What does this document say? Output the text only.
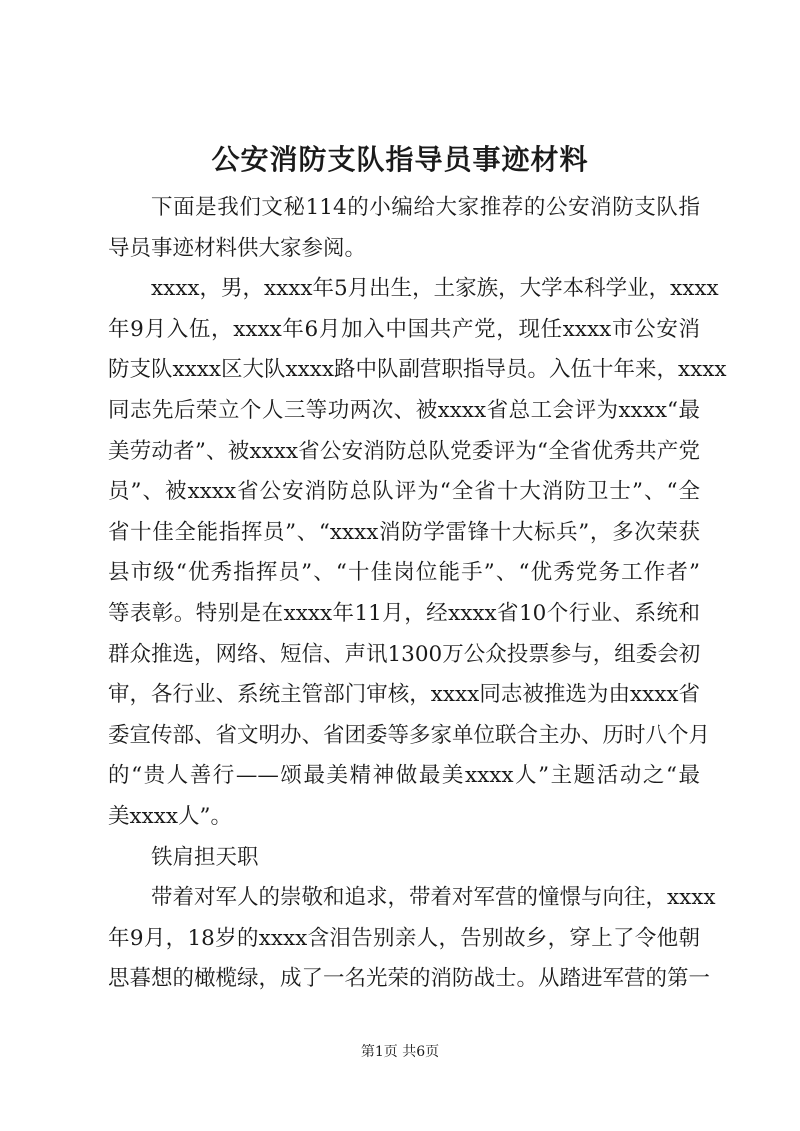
公安消防支队指导员事迹材料
下面是我们文秘114的小编给大家推荐的公安消防支队指
导员事迹材料供大家参阅。
xxxx，男，xxxx年5月出生，土家族，大学本科学业，xxxx
年9月入伍，xxxx年6月加入中国共产党，现任xxxx市公安消
防支队xxxx区大队xxxx路中队副营职指导员。入伍十年来，xxxx
同志先后荣立个人三等功两次、被xxxx省总工会评为xxxx“最
美劳动者”、被xxxx省公安消防总队党委评为“全省优秀共产党
员”、被xxxx省公安消防总队评为“全省十大消防卫士”、“全
省十佳全能指挥员”、“xxxx消防学雷锋十大标兵”，多次荣获
县市级“优秀指挥员”、“十佳岗位能手”、“优秀党务工作者”
等表彰。特别是在xxxx年11月，经xxxx省10个行业、系统和
群众推选，网络、短信、声讯1300万公众投票参与，组委会初
审，各行业、系统主管部门审核，xxxx同志被推选为由xxxx省
委宣传部、省文明办、省团委等多家单位联合主办、历时八个月
的“贵人善行——颂最美精神做最美xxxx人”主题活动之“最
美xxxx人”。
铁肩担天职
带着对军人的崇敬和追求，带着对军营的憧憬与向往，xxxx
年9月，18岁的xxxx含泪告别亲人，告别故乡，穿上了令他朝
思暮想的橄榄绿，成了一名光荣的消防战士。从踏进军营的第一
第1页 共6页
